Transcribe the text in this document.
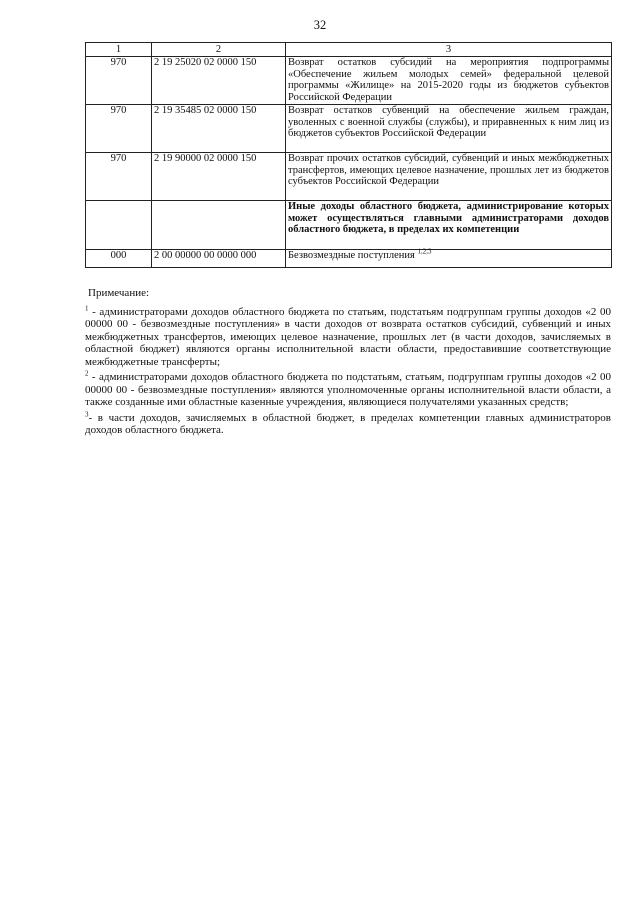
32
1	2	3
970	2 19 25020 02 0000 150	Возврат остатков субсидий на мероприятия подпрограммы «Обеспечение жильем молодых семей» федеральной целевой программы «Жилище» на 2015-2020 годы из бюджетов субъектов Российской Федерации
970	2 19 35485 02 0000 150	Возврат остатков субвенций на обеспечение жильем граждан, уволенных с военной службы (службы), и приравненных к ним лиц из бюджетов субъектов Российской Федерации
970	2 19 90000 02 0000 150	Возврат прочих остатков субсидий, субвенций и иных межбюджетных трансфертов, имеющих целевое назначение, прошлых лет из бюджетов субъектов Российской Федерации
		Иные доходы областного бюджета, администрирование которых может осуществляться главными администраторами доходов областного бюджета, в пределах их компетенции
000	2 00 00000 00 0000 000	Безвозмездные поступления $^{1,2,3}$
Примечание:

$^1$ - администраторами доходов областного бюджета по статьям, подстатьям подгруппам группы доходов «2 00 00000 00 - безвозмездные поступления» в части доходов от возврата остатков субсидий, субвенций и иных межбюджетных трансфертов, имеющих целевое назначение, прошлых лет (в части доходов, зачисляемых в областной бюджет) являются органы исполнительной власти области, предоставившие соответствующие межбюджетные трансферты;

$^2$ - администраторами доходов областного бюджета по подстатьям, статьям, подгруппам группы доходов «2 00 00000 00 - безвозмездные поступления» являются уполномоченные органы исполнительной власти области, а также созданные ими областные казенные учреждения, являющиеся получателями указанных средств;

$^3$- в части доходов, зачисляемых в областной бюджет, в пределах компетенции главных администраторов доходов областного бюджета.
